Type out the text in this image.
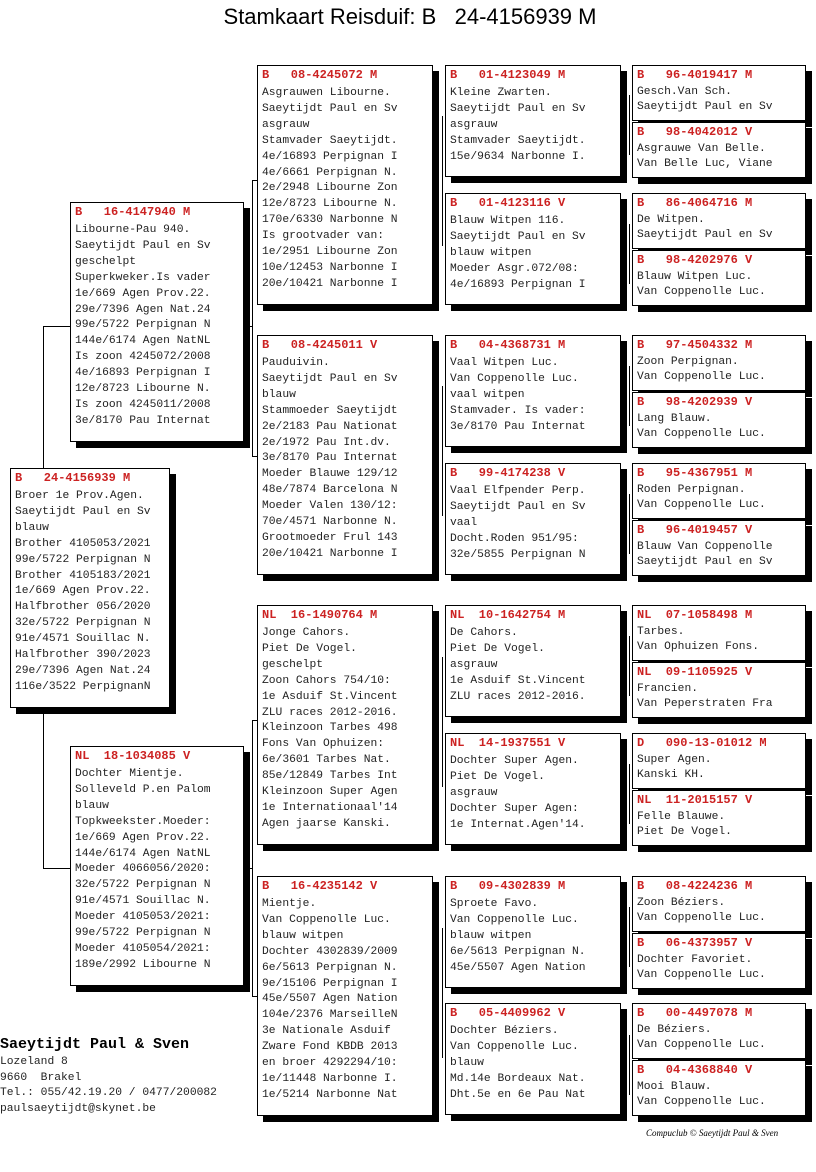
Stamkaart Reisduif: B   24-4156939 M
B   24-4156939 M
Broer 1e Prov.Agen.
Saeytijdt Paul en Sv
blauw
Brother 4105053/2021
99e/5722 Perpignan N
Brother 4105183/2021
1e/669 Agen Prov.22.
Halfbrother 056/2020
32e/5722 Perpignan N
91e/4571 Souillac N.
Halfbrother 390/2023
29e/7396 Agen Nat.24
116e/3522 PerpignanN
B   16-4147940 M
Libourne-Pau 940.
Saeytijdt Paul en Sv
geschelpt
Superkweker.Is vader
1e/669 Agen Prov.22.
29e/7396 Agen Nat.24
99e/5722 Perpignan N
144e/6174 Agen NatNL
Is zoon 4245072/2008
4e/16893 Perpignan I
12e/8723 Libourne N.
Is zoon 4245011/2008
3e/8170 Pau Internat
NL  18-1034085 V
Dochter Mientje.
Solleveld P.en Palom
blauw
Topkweekster.Moeder:
1e/669 Agen Prov.22.
144e/6174 Agen NatNL
Moeder 4066056/2020:
32e/5722 Perpignan N
91e/4571 Souillac N.
Moeder 4105053/2021:
99e/5722 Perpignan N
Moeder 4105054/2021:
189e/2992 Libourne N
B   08-4245072 M
Asgrauwen Libourne.
Saeytijdt Paul en Sv
asgrauw
Stamvader Saeytijdt.
4e/16893 Perpignan I
4e/6661 Perpignan N.
2e/2948 Libourne Zon
12e/8723 Libourne N.
170e/6330 Narbonne N
Is grootvader van:
1e/2951 Libourne Zon
10e/12453 Narbonne I
20e/10421 Narbonne I
B   08-4245011 V
Pauduivin.
Saeytijdt Paul en Sv
blauw
Stammoeder Saeytijdt
2e/2183 Pau Nationat
2e/1972 Pau Int.dv.
3e/8170 Pau Internat
Moeder Blauwe 129/12
48e/7874 Barcelona N
Moeder Valen 130/12:
70e/4571 Narbonne N.
Grootmoeder Frul 143
20e/10421 Narbonne I
NL  16-1490764 M
Jonge Cahors.
Piet De Vogel.
geschelpt
Zoon Cahors 754/10:
1e Asduif St.Vincent
ZLU races 2012-2016.
Kleinzoon Tarbes 498
Fons Van Ophuizen:
6e/3601 Tarbes Nat.
85e/12849 Tarbes Int
Kleinzoon Super Agen
1e Internationaal'14
Agen jaarse Kanski.
B   16-4235142 V
Mientje.
Van Coppenolle Luc.
blauw witpen
Dochter 4302839/2009
6e/5613 Perpignan N.
9e/15106 Perpignan I
45e/5507 Agen Nation
104e/2376 MarseilleN
3e Nationale Asduif
Zware Fond KBDB 2013
en broer 4292294/10:
1e/11448 Narbonne I.
1e/5214 Narbonne Nat
B   01-4123049 M
Kleine Zwarten.
Saeytijdt Paul en Sv
asgrauw
Stamvader Saeytijdt.
15e/9634 Narbonne I.
B   01-4123116 V
Blauw Witpen 116.
Saeytijdt Paul en Sv
blauw witpen
Moeder Asgr.072/08:
4e/16893 Perpignan I
B   04-4368731 M
Vaal Witpen Luc.
Van Coppenolle Luc.
vaal witpen
Stamvader. Is vader:
3e/8170 Pau Internat
B   99-4174238 V
Vaal Elfpender Perp.
Saeytijdt Paul en Sv
vaal
Docht.Roden 951/95:
32e/5855 Perpignan N
NL  10-1642754 M
De Cahors.
Piet De Vogel.
asgrauw
1e Asduif St.Vincent
ZLU races 2012-2016.
NL  14-1937551 V
Dochter Super Agen.
Piet De Vogel.
asgrauw
Dochter Super Agen:
1e Internat.Agen'14.
B   09-4302839 M
Sproete Favo.
Van Coppenolle Luc.
blauw witpen
6e/5613 Perpignan N.
45e/5507 Agen Nation
B   05-4409962 V
Dochter Béziers.
Van Coppenolle Luc.
blauw
Md.14e Bordeaux Nat.
Dht.5e en 6e Pau Nat
B   96-4019417 M
Gesch.Van Sch.
Saeytijdt Paul en Sv
B   98-4042012 V
Asgrauwe Van Belle.
Van Belle Luc, Viane
B   86-4064716 M
De Witpen.
Saeytijdt Paul en Sv
B   98-4202976 V
Blauw Witpen Luc.
Van Coppenolle Luc.
B   97-4504332 M
Zoon Perpignan.
Van Coppenolle Luc.
B   98-4202939 V
Lang Blauw.
Van Coppenolle Luc.
B   95-4367951 M
Roden Perpignan.
Van Coppenolle Luc.
B   96-4019457 V
Blauw Van Coppenolle
Saeytijdt Paul en Sv
NL  07-1058498 M
Tarbes.
Van Ophuizen Fons.
NL  09-1105925 V
Francien.
Van Peperstraten Fra
D   090-13-01012 M
Super Agen.
Kanski KH.
NL  11-2015157 V
Felle Blauwe.
Piet De Vogel.
B   08-4224236 M
Zoon Béziers.
Van Coppenolle Luc.
B   06-4373957 V
Dochter Favoriet.
Van Coppenolle Luc.
B   00-4497078 M
De Béziers.
Van Coppenolle Luc.
B   04-4368840 V
Mooi Blauw.
Van Coppenolle Luc.
Saeytijdt Paul & Sven
Lozeland 8
9660  Brakel
Tel.: 055/42.19.20 / 0477/200082
paulsaeytijdt@skynet.be
Compuclub © Saeytijdt Paul & Sven
